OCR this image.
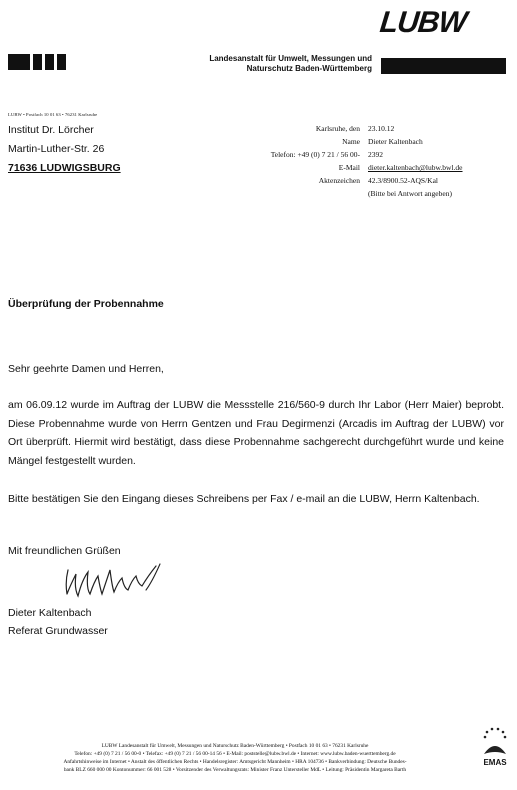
LUBW
Landesanstalt für Umwelt, Messungen und
Naturschutz Baden-Württemberg
LUBW • Postfach 10 01 63 • 76231 Karlsruhe
Institut Dr. Lörcher
Martin-Luther-Str. 26
71636 LUDWIGSBURG
Karlsruhe, den 23.10.12
Name Dieter Kaltenbach
Telefon: +49 (0) 7 21 / 56 00- 2392
E-Mail dieter.kaltenbach@lubw.bwl.de
Aktenzeichen 42.3/8900.52-AQS/Kal
(Bitte bei Antwort angeben)
Überprüfung der Probennahme
Sehr geehrte Damen und Herren,
am 06.09.12 wurde im Auftrag der LUBW die Messstelle 216/560-9 durch Ihr Labor (Herr Maier) beprobt. Diese Probennahme wurde von Herrn Gentzen und Frau Degirmenzi (Arcadis im Auftrag der LUBW) vor Ort überprüft. Hiermit wird bestätigt, dass diese Probennahme sachgerecht durchgeführt wurde und keine Mängel festgestellt wurden.
Bitte bestätigen Sie den Eingang dieses Schreibens per Fax / e-mail an die LUBW, Herrn Kaltenbach.
Mit freundlichen Grüßen
Dieter Kaltenbach
Referat Grundwasser
LUBW Landesanstalt für Umwelt, Messungen und Naturschutz Baden-Württemberg • Postfach 10 01 63 • 76231 Karlsruhe
Telefon: +49 (0) 7 21 / 56 00-0 • Telefax: +49 (0) 7 21 / 56 00-14 56 • E-Mail: poststelle@lubw.bwl.de • Internet: www.lubw.baden-wuerttemberg.de
Anfahrtshinweise im Internet • Anstalt des öffentlichen Rechts • Handelsregister: Amtsgericht Mannheim • HRA 104736 • Bankverbindung: Deutsche Bundes-
bank BLZ 660 000 00 Kontonummer: 66 001 528 • Vorsitzender des Verwaltungsrats: Minister Franz Untersteller MdL • Leitung: Präsidentin Margareta Barth
EMAS
